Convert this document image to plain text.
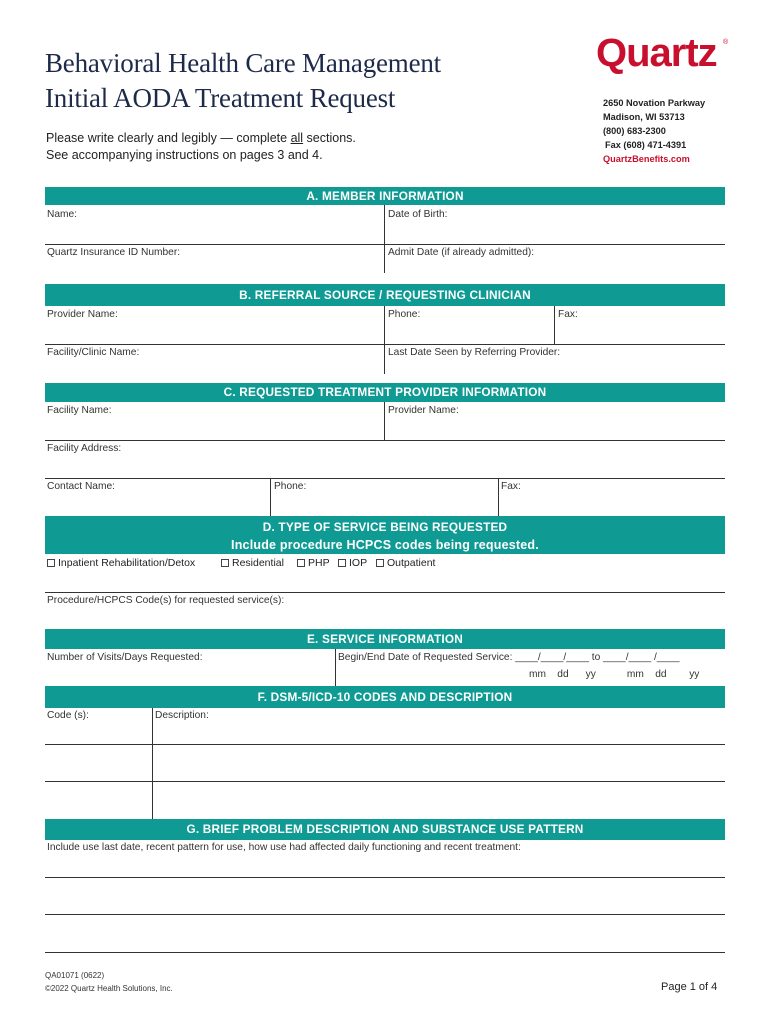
Behavioral Health Care Management
Initial AODA Treatment Request
Please write clearly and legibly — complete all sections.
See accompanying instructions on pages 3 and 4.
Quartz ®
2650 Novation Parkway
Madison, WI 53713
(800) 683-2300
Fax (608) 471-4391
QuartzBenefits.com
A. MEMBER INFORMATION
Name:	Date of Birth:
Quartz Insurance ID Number:	Admit Date (if already admitted):
B. REFERRAL SOURCE / REQUESTING CLINICIAN
Provider Name:	Phone:	Fax:
Facility/Clinic Name:	Last Date Seen by Referring Provider:
C. REQUESTED TREATMENT PROVIDER INFORMATION
Facility Name:	Provider Name:
Facility Address:
Contact Name:	Phone:	Fax:
D. TYPE OF SERVICE BEING REQUESTED
Include procedure HCPCS codes being requested.
Inpatient Rehabilitation/Detox	Residential	PHP	IOP	Outpatient
Procedure/HCPCS Code(s) for requested service(s):
E. SERVICE INFORMATION
Number of Visits/Days Requested:	Begin/End Date of Requested Service: ____/____/____ to ____/____ /____
mm    dd      yy           mm    dd        yy
F. DSM-5/ICD-10 CODES AND DESCRIPTION
Code (s):	Description:
G. BRIEF PROBLEM DESCRIPTION AND SUBSTANCE USE PATTERN
Include use last date, recent pattern for use, how use had affected daily functioning and recent treatment:
QA01071 (0622)
©2022 Quartz Health Solutions, Inc.	Page 1 of 4
